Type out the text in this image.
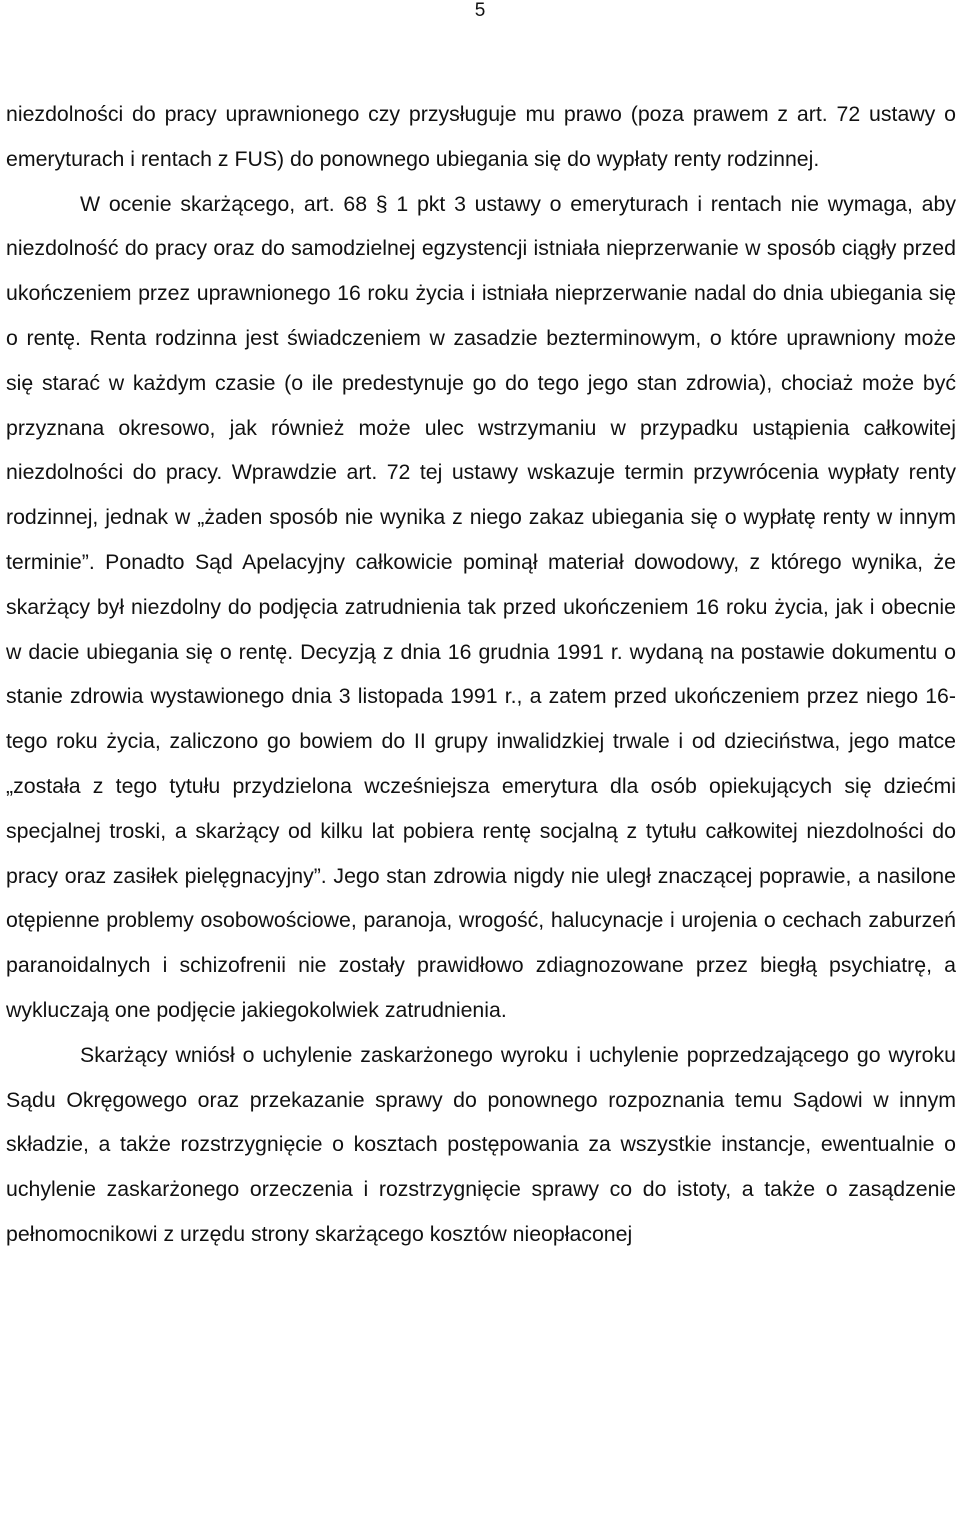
5

niezdolności do pracy uprawnionego czy przysługuje mu prawo (poza prawem z art. 72 ustawy o emeryturach i rentach z FUS) do ponownego ubiegania się do wypłaty renty rodzinnej.

W ocenie skarżącego, art. 68 § 1 pkt 3 ustawy o emeryturach i rentach nie wymaga, aby niezdolność do pracy oraz do samodzielnej egzystencji istniała nieprzerwanie w sposób ciągły przed ukończeniem przez uprawnionego 16 roku życia i istniała nieprzerwanie nadal do dnia ubiegania się o rentę. Renta rodzinna jest świadczeniem w zasadzie bezterminowym, o które uprawniony może się starać w każdym czasie (o ile predestynuje go do tego jego stan zdrowia), chociaż może być przyznana okresowo, jak również może ulec wstrzymaniu w przypadku ustąpienia całkowitej niezdolności do pracy. Wprawdzie art. 72 tej ustawy wskazuje termin przywrócenia wypłaty renty rodzinnej, jednak w „żaden sposób nie wynika z niego zakaz ubiegania się o wypłatę renty w innym terminie”. Ponadto Sąd Apelacyjny całkowicie pominął materiał dowodowy, z którego wynika, że skarżący był niezdolny do podjęcia zatrudnienia tak przed ukończeniem 16 roku życia, jak i obecnie w dacie ubiegania się o rentę. Decyzją z dnia 16 grudnia 1991 r. wydaną na postawie dokumentu o stanie zdrowia wystawionego dnia 3 listopada 1991 r., a zatem przed ukończeniem przez niego 16-tego roku życia, zaliczono go bowiem do II grupy inwalidzkiej trwale i od dzieciństwa, jego matce „została z tego tytułu przydzielona wcześniejsza emerytura dla osób opiekujących się dziećmi specjalnej troski, a skarżący od kilku lat pobiera rentę socjalną z tytułu całkowitej niezdolności do pracy oraz zasiłek pielęgnacyjny”. Jego stan zdrowia nigdy nie uległ znaczącej poprawie, a nasilone otępienne problemy osobowościowe, paranoja, wrogość, halucynacje i urojenia o cechach zaburzeń paranoidalnych i schizofrenii nie zostały prawidłowo zdiagnozowane przez biegłą psychiatrę, a wykluczają one podjęcie jakiegokolwiek zatrudnienia.

Skarżący wniósł o uchylenie zaskarżonego wyroku i uchylenie poprzedzającego go wyroku Sądu Okręgowego oraz przekazanie sprawy do ponownego rozpoznania temu Sądowi w innym składzie, a także rozstrzygnięcie o kosztach postępowania za wszystkie instancje, ewentualnie o uchylenie zaskarżonego orzeczenia i rozstrzygnięcie sprawy co do istoty, a także o zasądzenie pełnomocnikowi z urzędu strony skarżącego kosztów nieopłaconej
